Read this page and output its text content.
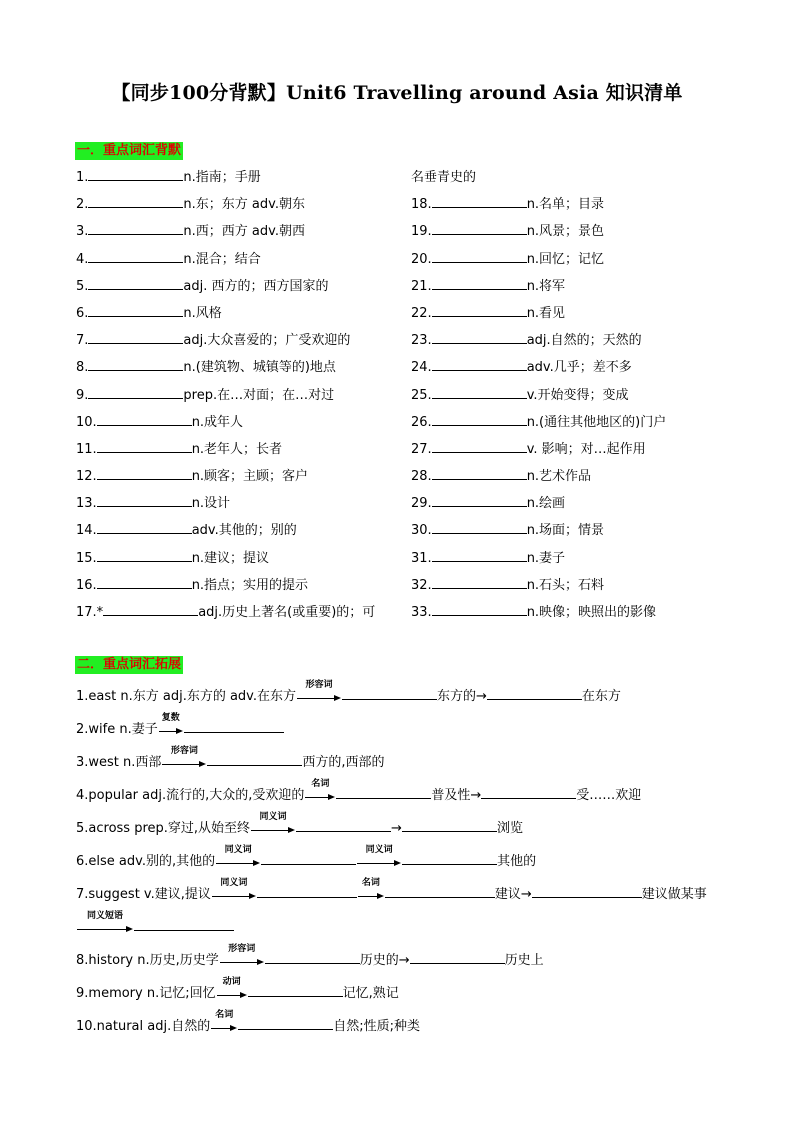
【同步100分背默】Unit6 Travelling around Asia 知识清单
一．重点词汇背默
1.	n.指南；手册
2.	n.东；东方 adv.朝东
3.	n.西；西方 adv.朝西
4.	n.混合；结合
5.	adj. 西方的；西方国家的
6.	n.风格
7.	adj.大众喜爱的；广受欢迎的
8.	n.(建筑物、城镇等的)地点
9.	prep.在…对面；在…对过
10.	n.成年人
11.	n.老年人；长者
12.	n.顾客；主顾；客户
13.	n.设计
14.	adv.其他的；别的
15.	n.建议；提议
16.	n.指点；实用的提示
17.*	adj.历史上著名(或重要)的；可
名垂青史的
18.	n.名单；目录
19.	n.风景；景色
20.	n.回忆；记忆
21.	n.将军
22.	n.看见
23.	adj.自然的；天然的
24.	adv.几乎；差不多
25.	v.开始变得；变成
26.	n.(通往其他地区的)门户
27.	v. 影响；对…起作用
28.	n.艺术作品
29.	n.绘画
30.	n.场面；情景
31.	n.妻子
32.	n.石头；石料
33.	n.映像；映照出的影像
二．重点词汇拓展
1.east n.东方 adj.东方的 adv.在东方
形容词
东方的→	在东方
2.wife n.妻子
复数
3.west n.西部
形容词
西方的,西部的
4.popular adj.流行的,大众的,受欢迎的
名词
普及性→	受……欢迎
5.across prep.穿过,从始至终
同义词
→	浏览
6.else adv.别的,其他的
同义词	同义词
其他的
7.suggest v.建议,提议
同义词	名词
建议→	建议做某事
同义短语
8.history n.历史,历史学
形容词
历史的→	历史上
9.memory n.记忆;回忆
动词
记忆,熟记
10.natural adj.自然的
名词
自然;性质;种类
